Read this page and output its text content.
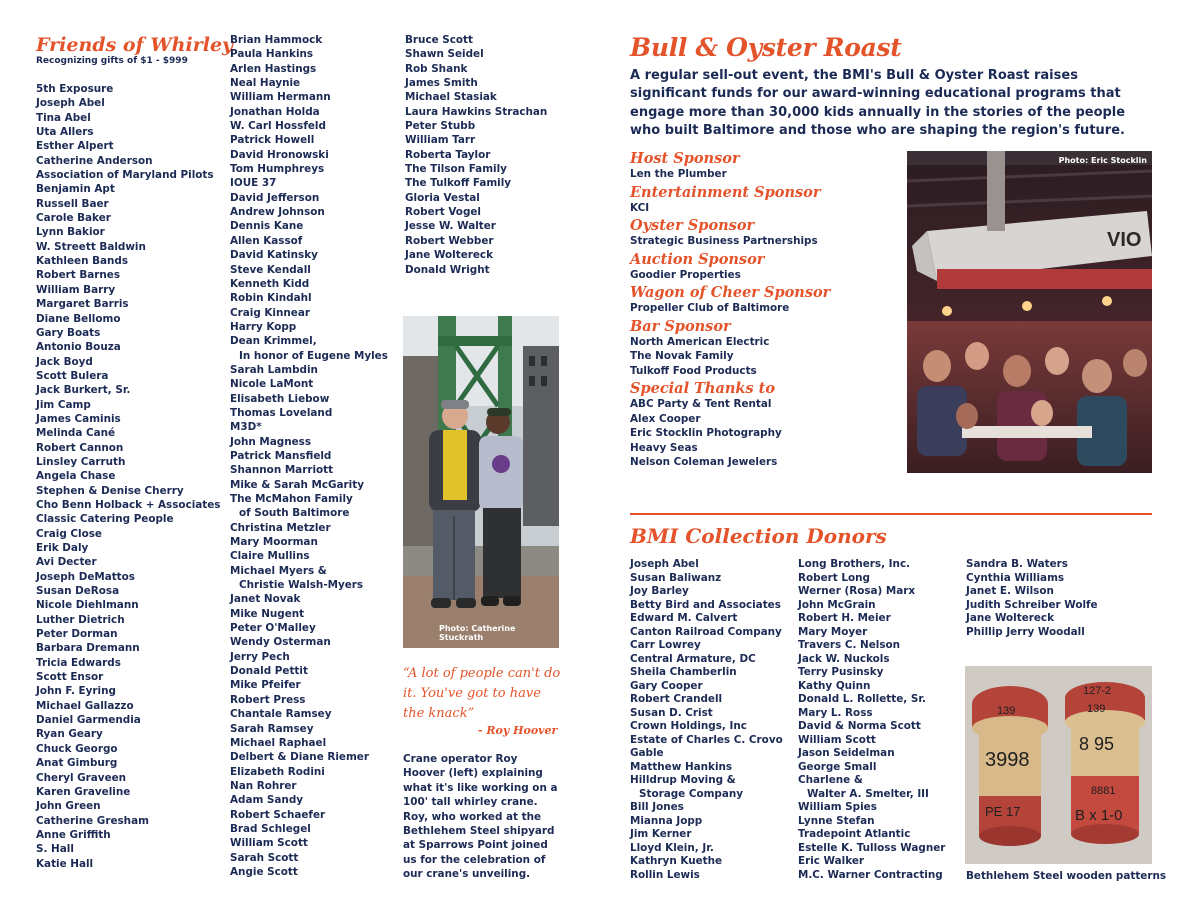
Friends of Whirley
Recognizing gifts of $1 - $999
5th Exposure
Joseph Abel
Tina Abel
Uta Allers
Esther Alpert
Catherine Anderson
Association of Maryland Pilots
Benjamin Apt
Russell Baer
Carole Baker
Lynn Bakior
W. Streett Baldwin
Kathleen Bands
Robert Barnes
William Barry
Margaret Barris
Diane Bellomo
Gary Boats
Antonio Bouza
Jack Boyd
Scott Bulera
Jack Burkert, Sr.
Jim Camp
James Caminis
Melinda Cané
Robert Cannon
Linsley Carruth
Angela Chase
Stephen & Denise Cherry
Cho Benn Holback + Associates
Classic Catering People
Craig Close
Erik Daly
Avi Decter
Joseph DeMattos
Susan DeRosa
Nicole Diehlmann
Luther Dietrich
Peter Dorman
Barbara Dremann
Tricia Edwards
Scott Ensor
John F. Eyring
Michael Gallazzo
Daniel Garmendia
Ryan Geary
Chuck Georgo
Anat Gimburg
Cheryl Graveen
Karen Graveline
John Green
Catherine Gresham
Anne Griffith
S. Hall
Katie Hall
Brian Hammock
Paula Hankins
Arlen Hastings
Neal Haynie
William Hermann
Jonathan Holda
W. Carl Hossfeld
Patrick Howell
David Hronowski
Tom Humphreys
IOUE 37
David Jefferson
Andrew Johnson
Dennis Kane
Allen Kassof
David Katinsky
Steve Kendall
Kenneth Kidd
Robin Kindahl
Craig Kinnear
Harry Kopp
Dean Krimmel,
In honor of Eugene Myles
Sarah Lambdin
Nicole LaMont
Elisabeth Liebow
Thomas Loveland
M3D*
John Magness
Patrick Mansfield
Shannon Marriott
Mike & Sarah McGarity
The McMahon Family
of South Baltimore
Christina Metzler
Mary Moorman
Claire Mullins
Michael Myers &
Christie Walsh-Myers
Janet Novak
Mike Nugent
Peter O'Malley
Wendy Osterman
Jerry Pech
Donald Pettit
Mike Pfeifer
Robert Press
Chantale Ramsey
Sarah Ramsey
Michael Raphael
Delbert & Diane Riemer
Elizabeth Rodini
Nan Rohrer
Adam Sandy
Robert Schaefer
Brad Schlegel
William Scott
Sarah Scott
Angie Scott
Bruce Scott
Shawn Seidel
Rob Shank
James Smith
Michael Stasiak
Laura Hawkins Strachan
Peter Stubb
William Tarr
Roberta Taylor
The Tilson Family
The Tulkoff Family
Gloria Vestal
Robert Vogel
Jesse W. Walter
Robert Webber
Jane Woltereck
Donald Wright
Photo: Catherine Stuckrath
“A lot of people can't do it. You've got to have the knack”
- Roy Hoover
Crane operator Roy Hoover (left) explaining what it's like working on a 100' tall whirley crane. Roy, who worked at the Bethlehem Steel shipyard at Sparrows Point joined us for the celebration of our crane's unveiling.
Bull & Oyster Roast
A regular sell-out event, the BMI's Bull & Oyster Roast raises significant funds for our award-winning educational programs that engage more than 30,000 kids annually in the stories of the people who built Baltimore and those who are shaping the region's future.
Host Sponsor
Len the Plumber
Entertainment Sponsor
KCI
Oyster Sponsor
Strategic Business Partnerships
Auction Sponsor
Goodier Properties
Wagon of Cheer Sponsor
Propeller Club of Baltimore
Bar Sponsor
North American Electric
The Novak Family
Tulkoff Food Products
Special Thanks to
ABC Party & Tent Rental
Alex Cooper
Eric Stocklin Photography
Heavy Seas
Nelson Coleman Jewelers
VIO
Photo: Eric Stocklin
BMI Collection Donors
Joseph Abel
Susan Baliwanz
Joy Barley
Betty Bird and Associates
Edward M. Calvert
Canton Railroad Company
Carr Lowrey
Central Armature, DC
Sheila Chamberlin
Gary Cooper
Robert Crandell
Susan D. Crist
Crown Holdings, Inc
Estate of Charles C. Crovo
Gable
Matthew Hankins
Hilldrup Moving &
Storage Company
Bill Jones
Mianna Jopp
Jim Kerner
Lloyd Klein, Jr.
Kathryn Kuethe
Rollin Lewis
Long Brothers, Inc.
Robert Long
Werner (Rosa) Marx
John McGrain
Robert H. Meier
Mary Moyer
Travers C. Nelson
Jack W. Nuckols
Terry Pusinsky
Kathy Quinn
Donald L. Rollette, Sr.
Mary L. Ross
David & Norma Scott
William Scott
Jason Seidelman
George Small
Charlene &
Walter A. Smelter, III
William Spies
Lynne Stefan
Tradepoint Atlantic
Estelle K. Tulloss Wagner
Eric Walker
M.C. Warner Contracting
Sandra B. Waters
Cynthia Williams
Janet E. Wilson
Judith Schreiber Wolfe
Jane Woltereck
Phillip Jerry Woodall
139
3998
PE 17
127-2
139
8 95
8881
B x 1-0
Bethlehem Steel wooden patterns
